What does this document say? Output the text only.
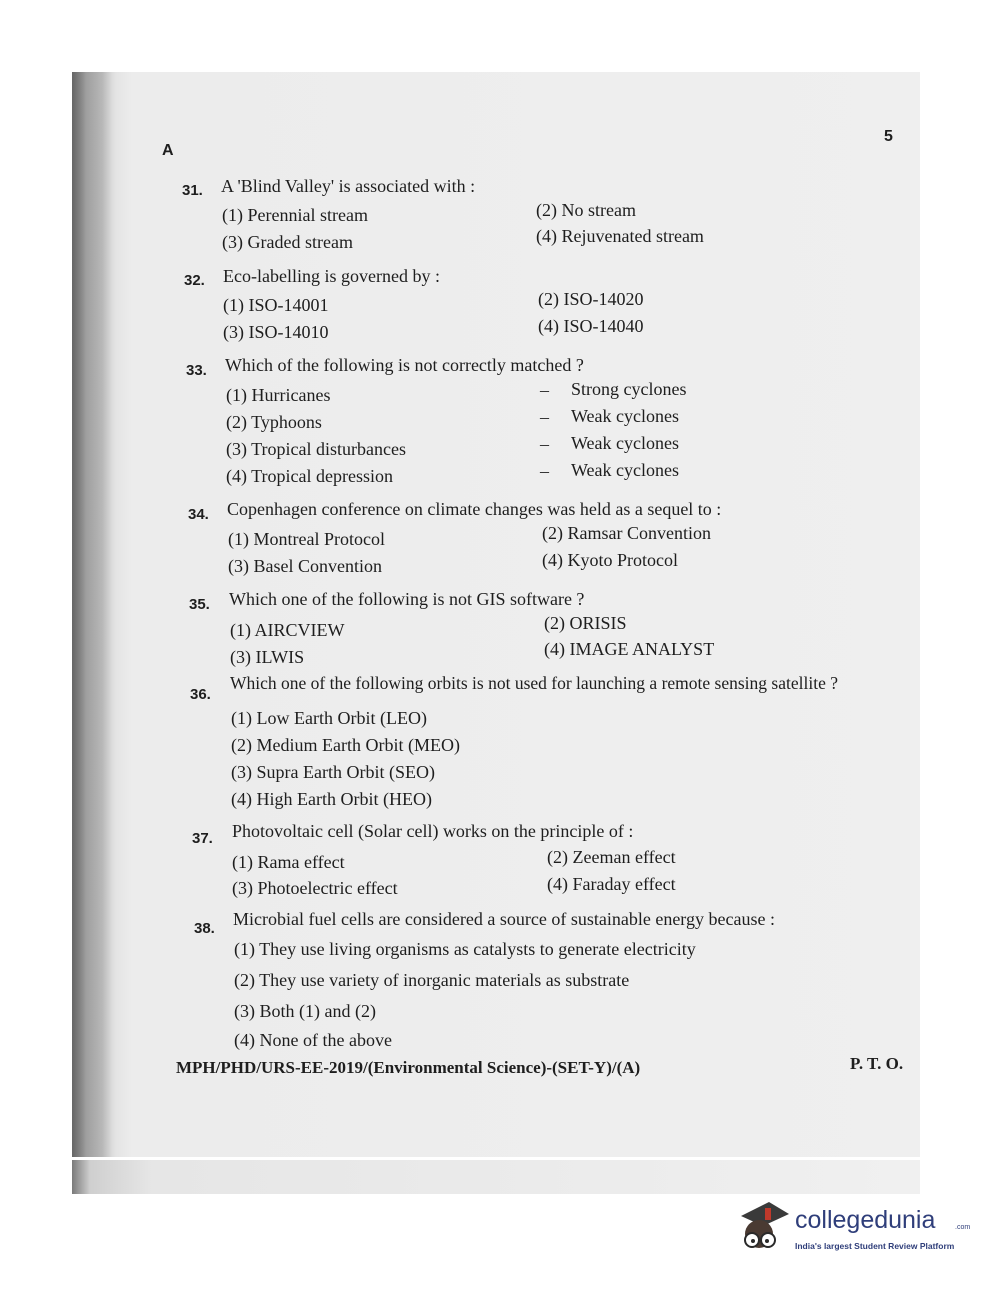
A
5
31. A 'Blind Valley' is associated with :
(1) Perennial stream	(2) No stream
(3) Graded stream	(4) Rejuvenated stream
32. Eco-labelling is governed by :
(1) ISO-14001	(2) ISO-14020
(3) ISO-14010	(4) ISO-14040
33. Which of the following is not correctly matched ?
(1) Hurricanes	– Strong cyclones
(2) Typhoons	– Weak cyclones
(3) Tropical disturbances	– Weak cyclones
(4) Tropical depression	– Weak cyclones
34. Copenhagen conference on climate changes was held as a sequel to :
(1) Montreal Protocol	(2) Ramsar Convention
(3) Basel Convention	(4) Kyoto Protocol
35. Which one of the following is not GIS software ?
(1) AIRCVIEW	(2) ORISIS
(3) ILWIS	(4) IMAGE ANALYST
36.
Which one of the following orbits is not used for launching a remote sensing satellite ?
(1) Low Earth Orbit (LEO)
(2) Medium Earth Orbit (MEO)
(3) Supra Earth Orbit (SEO)
(4) High Earth Orbit (HEO)
37. Photovoltaic cell (Solar cell) works on the principle of :
(1) Rama effect	(2) Zeeman effect
(3) Photoelectric effect	(4) Faraday effect
38. Microbial fuel cells are considered a source of sustainable energy because :
(1) They use living organisms as catalysts to generate electricity
(2) They use variety of inorganic materials as substrate
(3) Both (1) and (2)
(4) None of the above
MPH/PHD/URS-EE-2019/(Environmental Science)-(SET-Y)/(A)	P. T. O.
collegedunia	.com
India's largest Student Review Platform
